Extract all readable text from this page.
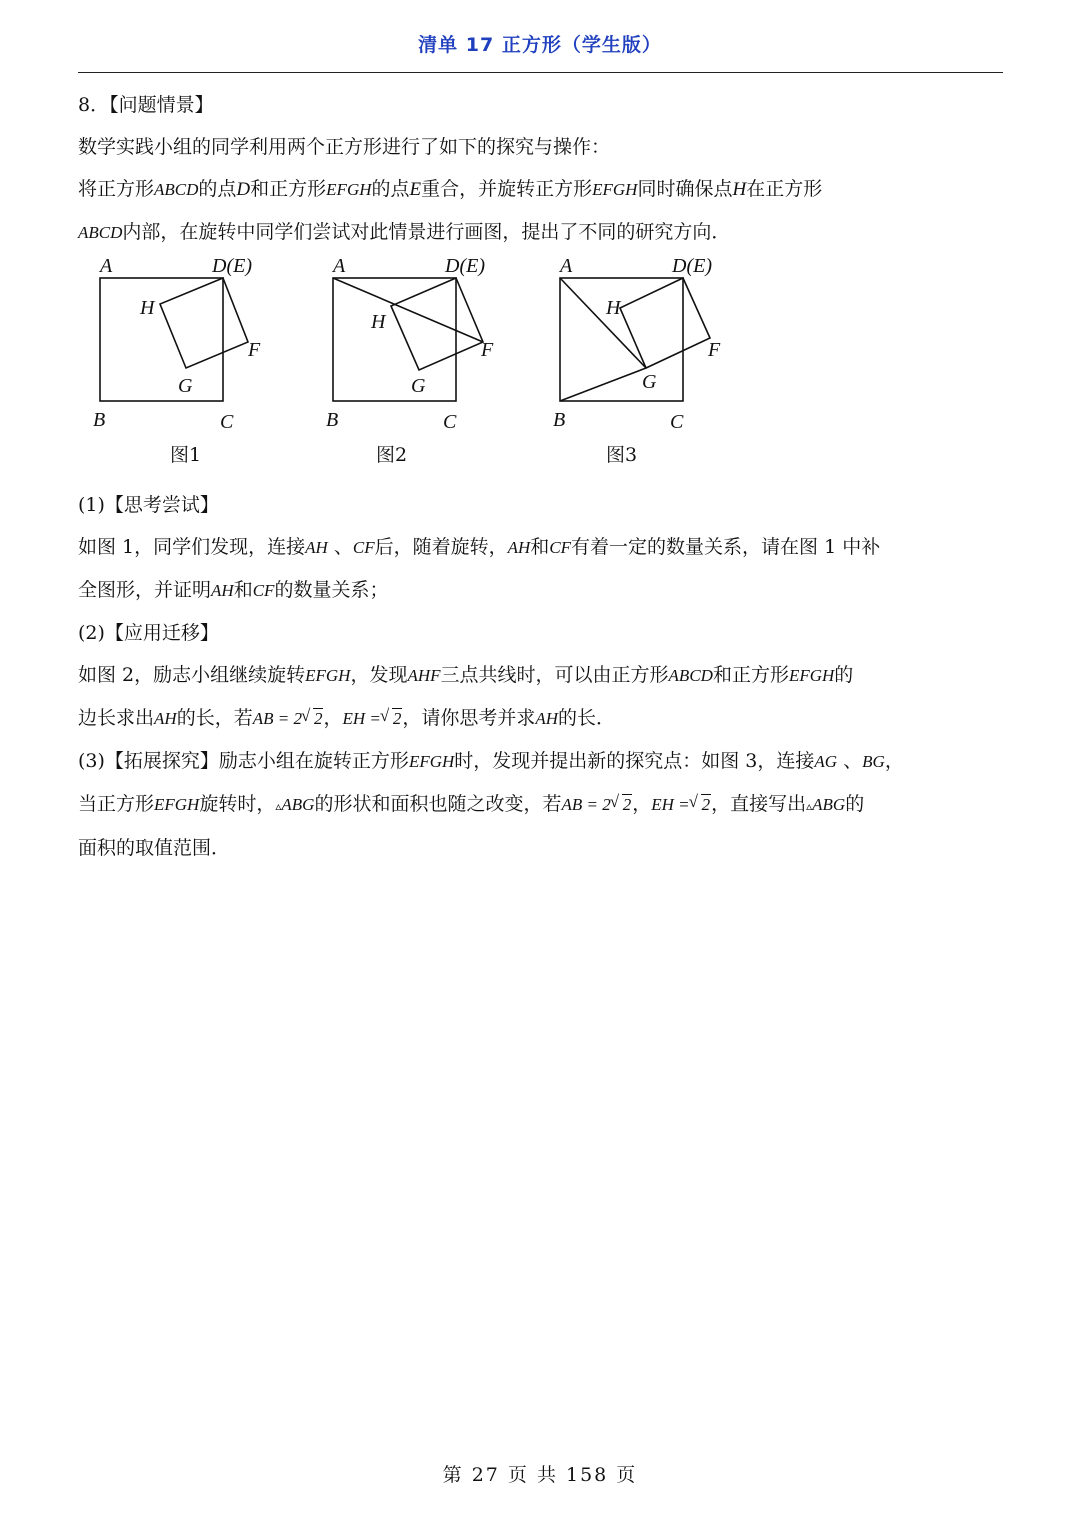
清单 17 正方形（学生版）

8．【问题情景】

数学实践小组的同学利用两个正方形进行了如下的探究与操作：

将正方形ABCD的点D和正方形EFGH的点E重合，并旋转正方形EFGH同时确保点H在正方形

ABCD内部，在旋转中同学们尝试对此情景进行画图，提出了不同的研究方向．

A	D(E)
H
F
G
B	C
图1
A	D(E)
H
F
G
B	C
图2
A	D(E)
H
F
G
B	C
图3

(1)【思考尝试】

如图 1，同学们发现，连接AH 、CF后，随着旋转，AH和CF有着一定的数量关系，请在图 1 中补

全图形，并证明AH和CF的数量关系；

(2)【应用迁移】

如图 2，励志小组继续旋转EFGH，发现AHF三点共线时，可以由正方形ABCD和正方形EFGH的

边长求出AH的长，若AB = 2 √ 2，EH = √ 2，请你思考并求AH的长．

(3)【拓展探究】励志小组在旋转正方形EFGH时，发现并提出新的探究点：如图 3，连接AG 、BG，

当正方形EFGH旋转时，▵ABG的形状和面积也随之改变，若AB = 2 √ 2，EH = √ 2，直接写出▵ABG的

面积的取值范围．

第 27 页 共 158 页
